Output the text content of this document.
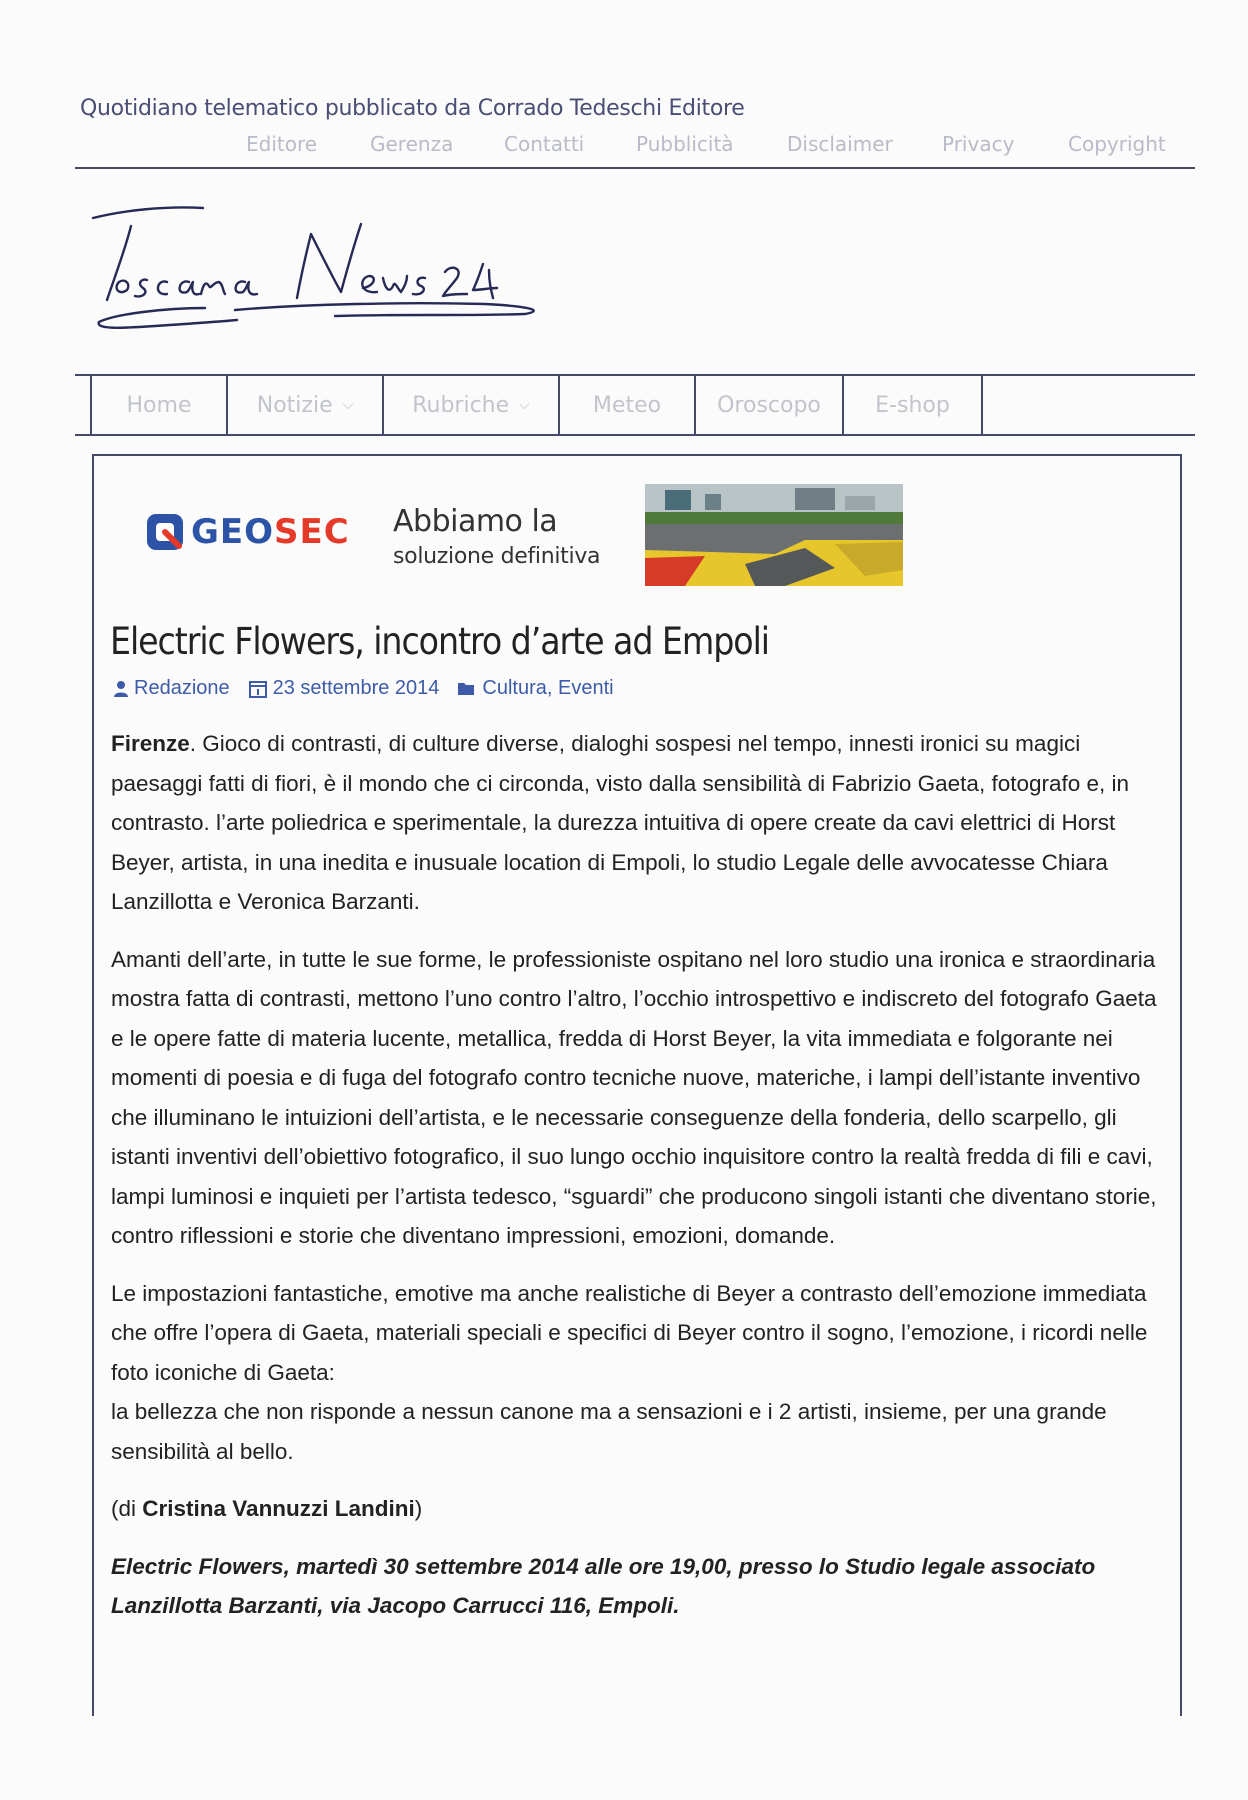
Quotidiano telematico pubblicato da Corrado Tedeschi Editore
Editore	Gerenza	Contatti	Pubblicità	Disclaimer Privacy	Copyright
Home	Notizie ⌵	Rubriche ⌵	Meteo	Oroscopo E-shop
GEOSEC Abbiamo la
soluzione definitiva
Electric Flowers, incontro d’arte ad Empoli
Redazione 23 settembre 2014 Cultura ,
Eventi

Firenze. Gioco di contrasti, di culture diverse, dialoghi sospesi nel tempo, innesti ironici su magici paesaggi fatti di fiori, è il mondo che ci circonda, visto dalla sensibilità di Fabrizio Gaeta, fotografo e, in contrasto. l’arte poliedrica e sperimentale, la durezza intuitiva di opere create da cavi elettrici di Horst Beyer, artista, in una inedita e inusuale location di Empoli, lo studio Legale delle avvocatesse Chiara Lanzillotta e Veronica Barzanti.

Amanti dell’arte, in tutte le sue forme, le professioniste ospitano nel loro studio una ironica e straordinaria mostra fatta di contrasti, mettono l’uno contro l’altro, l’occhio introspettivo e indiscreto del fotografo Gaeta e le opere fatte di materia lucente, metallica, fredda di Horst Beyer, la vita immediata e folgorante nei momenti di poesia e di fuga del fotografo contro tecniche nuove, materiche, i lampi dell’istante inventivo che illuminano le intuizioni dell’artista, e le necessarie conseguenze della fonderia, dello scarpello, gli istanti inventivi dell’obiettivo fotografico, il suo lungo occhio inquisitore contro la realtà fredda di fili e cavi, lampi luminosi e inquieti per l’artista tedesco, “sguardi” che producono singoli istanti che diventano storie, contro riflessioni e storie che diventano impressioni, emozioni, domande.

Le impostazioni fantastiche, emotive ma anche realistiche di Beyer a contrasto dell’emozione immediata che offre l’opera di Gaeta, materiali speciali e specifici di Beyer contro il sogno, l’emozione, i ricordi nelle foto iconiche di Gaeta:
la bellezza che non risponde a nessun canone ma a sensazioni e i 2 artisti, insieme, per una grande sensibilità al bello.

(di Cristina Vannuzzi Landini)

Electric Flowers, martedì 30 settembre 2014 alle ore 19,00, presso lo Studio legale associato Lanzillotta Barzanti, via Jacopo Carrucci 116, Empoli.
